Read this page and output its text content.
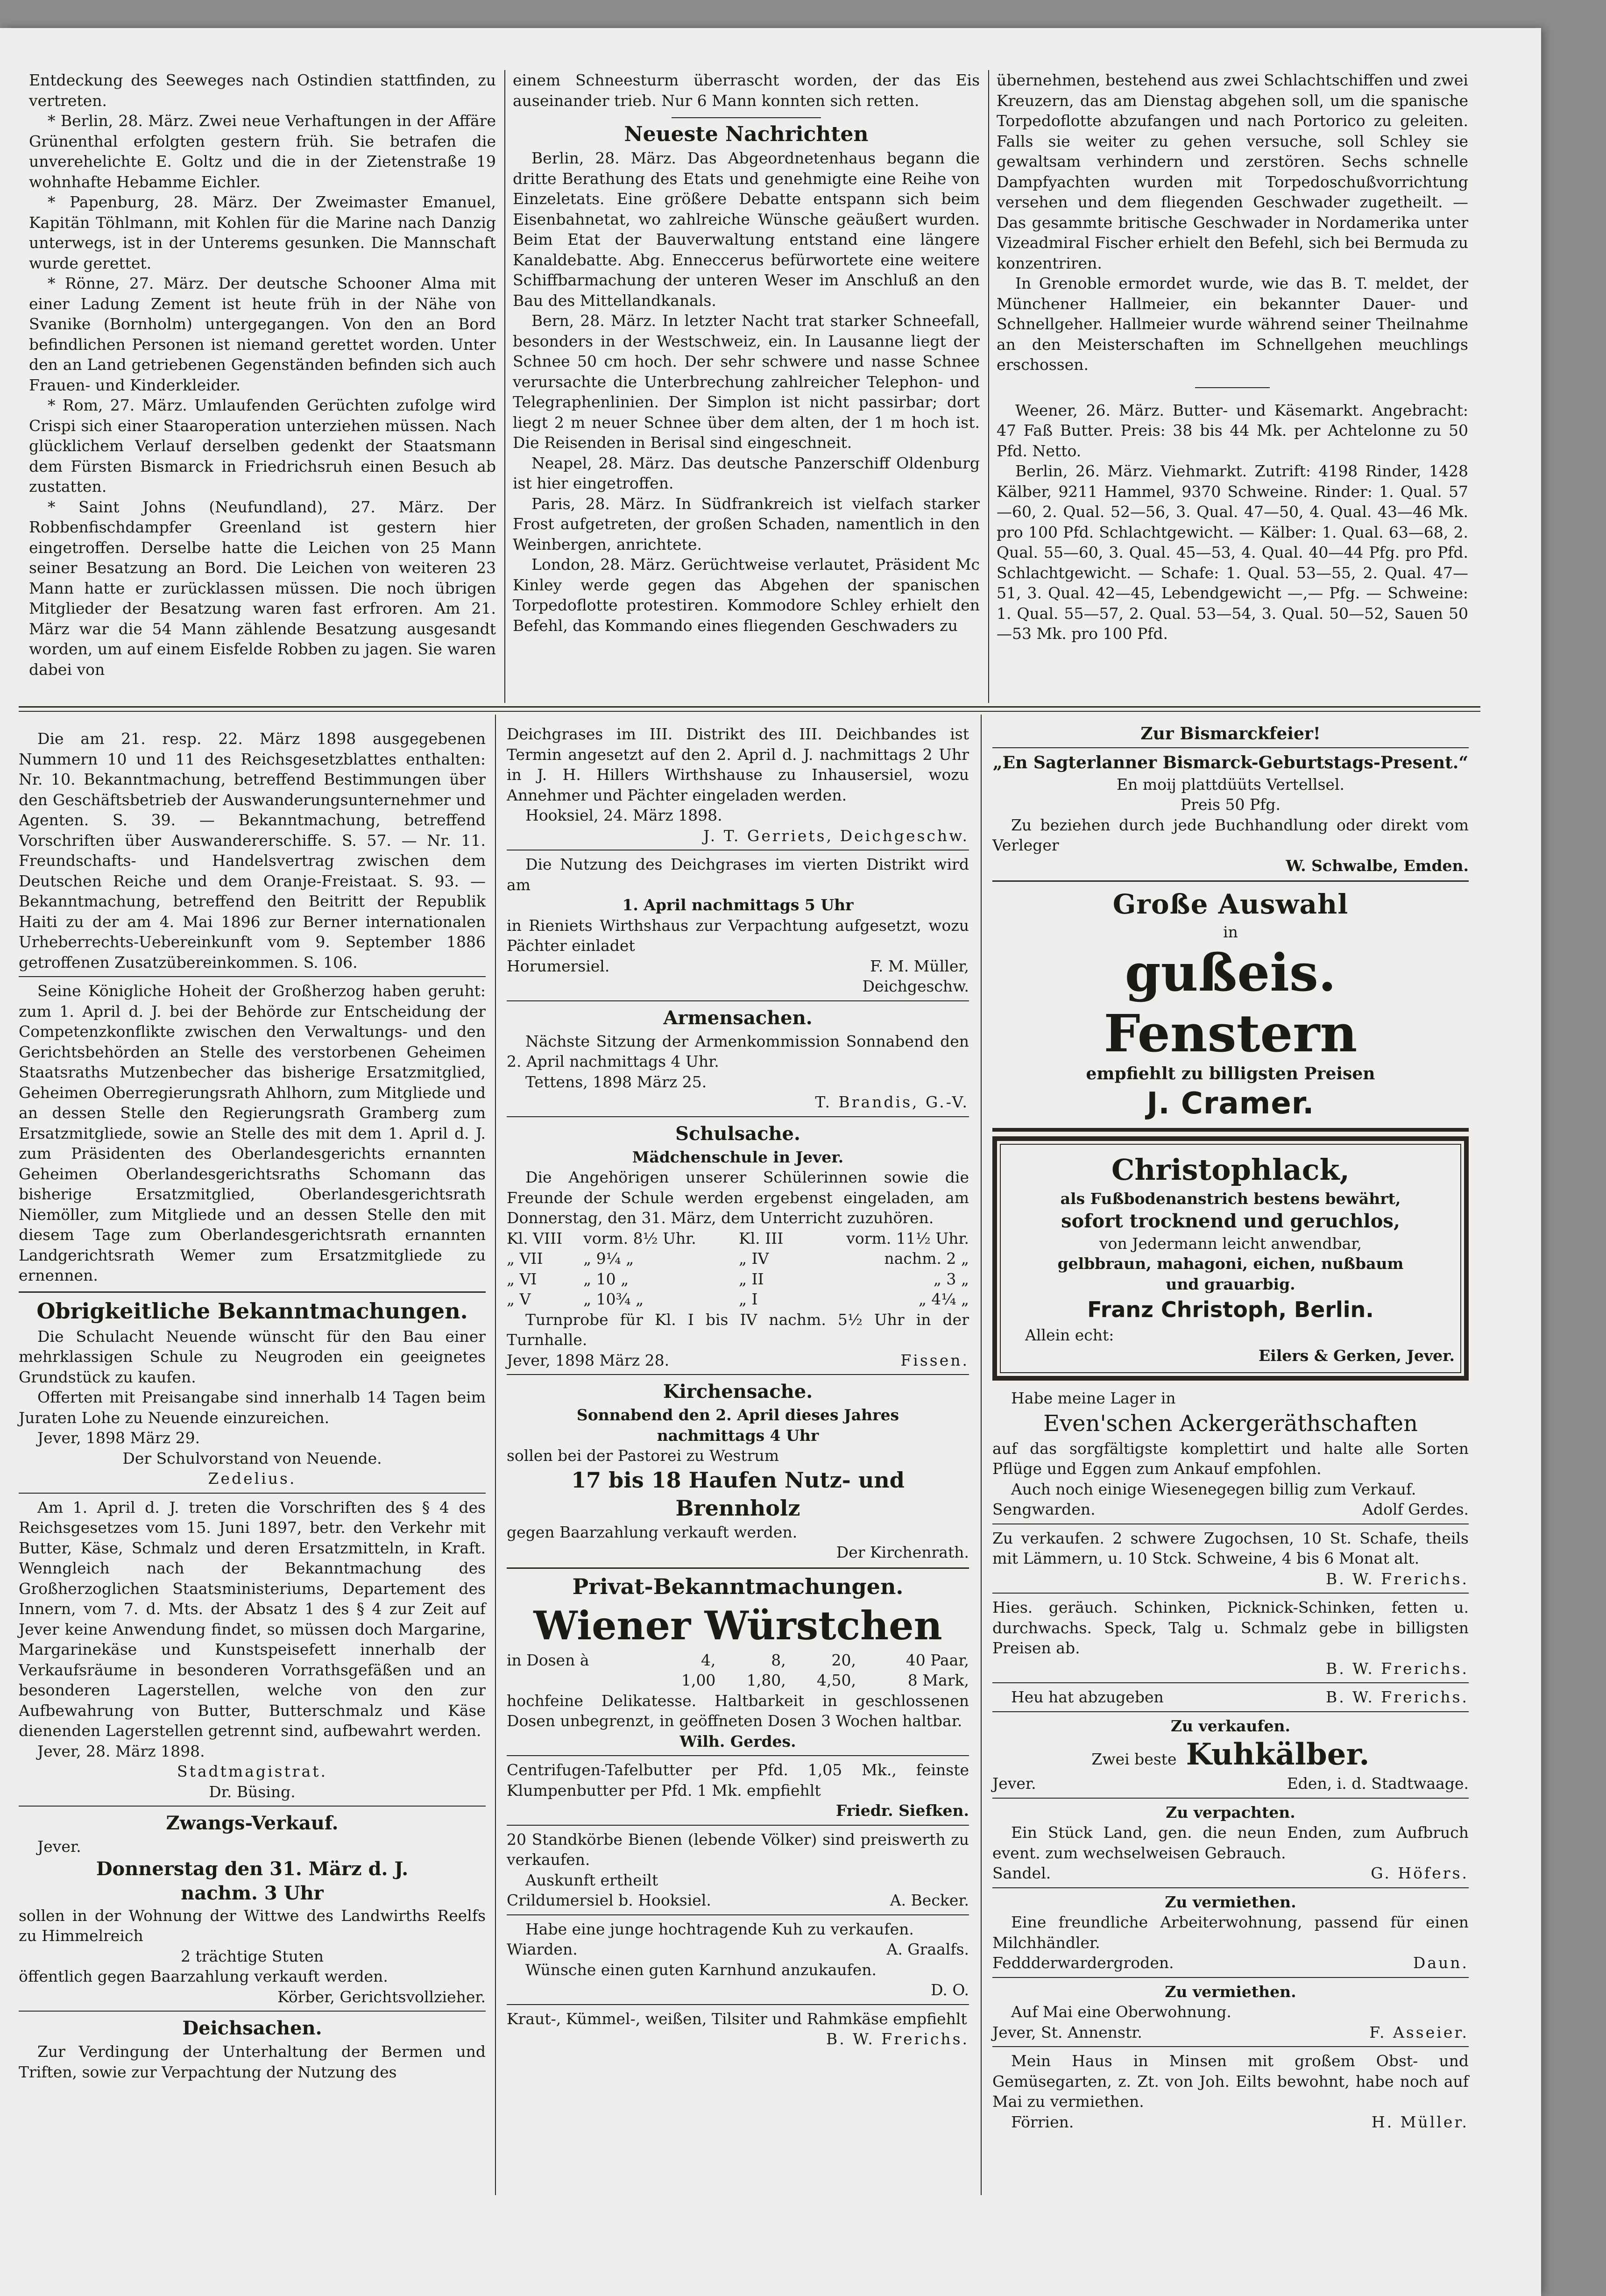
Entdeckung des Seeweges nach Ostindien stattfinden, zu vertreten.

* Berlin, 28. März. Zwei neue Verhaftungen in der Affäre Grünenthal erfolgten gestern früh. Sie betrafen die unverehelichte E. Goltz und die in der Zietenstraße 19 wohnhafte Hebamme Eichler.

* Papenburg, 28. März. Der Zweimaster Emanuel, Kapitän Töhlmann, mit Kohlen für die Marine nach Danzig unterwegs, ist in der Unterems gesunken. Die Mannschaft wurde gerettet.

* Rönne, 27. März. Der deutsche Schooner Alma mit einer Ladung Zement ist heute früh in der Nähe von Svanike (Bornholm) untergegangen. Von den an Bord befindlichen Personen ist niemand gerettet worden. Unter den an Land getriebenen Gegenständen befinden sich auch Frauen- und Kinderkleider.

* Rom, 27. März. Umlaufenden Gerüchten zufolge wird Crispi sich einer Staaroperation unterziehen müssen. Nach glücklichem Verlauf derselben gedenkt der Staatsmann dem Fürsten Bismarck in Friedrichsruh einen Besuch ab zustatten.

* Saint Johns (Neufundland), 27. März. Der Robbenfischdampfer Greenland ist gestern hier eingetroffen. Derselbe hatte die Leichen von 25 Mann seiner Besatzung an Bord. Die Leichen von weiteren 23 Mann hatte er zurücklassen müssen. Die noch übrigen Mitglieder der Besatzung waren fast erfroren. Am 21. März war die 54 Mann zählende Besatzung ausgesandt worden, um auf einem Eisfelde Robben zu jagen. Sie waren dabei von

einem Schneesturm überrascht worden, der das Eis auseinander trieb. Nur 6 Mann konnten sich retten.

Neueste Nachrichten

Berlin, 28. März. Das Abgeordnetenhaus begann die dritte Berathung des Etats und genehmigte eine Reihe von Einzeletats. Eine größere Debatte entspann sich beim Eisenbahnetat, wo zahlreiche Wünsche geäußert wurden. Beim Etat der Bauverwaltung entstand eine längere Kanaldebatte. Abg. Enneccerus befürwortete eine weitere Schiffbarmachung der unteren Weser im Anschluß an den Bau des Mittellandkanals.

Bern, 28. März. In letzter Nacht trat starker Schneefall, besonders in der Westschweiz, ein. In Lausanne liegt der Schnee 50 cm hoch. Der sehr schwere und nasse Schnee verursachte die Unterbrechung zahlreicher Telephon- und Telegraphenlinien. Der Simplon ist nicht passirbar; dort liegt 2 m neuer Schnee über dem alten, der 1 m hoch ist. Die Reisenden in Berisal sind eingeschneit.

Neapel, 28. März. Das deutsche Panzerschiff Oldenburg ist hier eingetroffen.

Paris, 28. März. In Südfrankreich ist vielfach starker Frost aufgetreten, der großen Schaden, namentlich in den Weinbergen, anrichtete.

London, 28. März. Gerüchtweise verlautet, Präsident Mc Kinley werde gegen das Abgehen der spanischen Torpedoflotte protestiren. Kommodore Schley erhielt den Befehl, das Kommando eines fliegenden Geschwaders zu

übernehmen, bestehend aus zwei Schlachtschiffen und zwei Kreuzern, das am Dienstag abgehen soll, um die spanische Torpedoflotte abzufangen und nach Portorico zu geleiten. Falls sie weiter zu gehen versuche, soll Schley sie gewaltsam verhindern und zerstören. Sechs schnelle Dampfyachten wurden mit Torpedoschußvorrichtung versehen und dem fliegenden Geschwader zugetheilt. — Das gesammte britische Geschwader in Nordamerika unter Vizeadmiral Fischer erhielt den Befehl, sich bei Bermuda zu konzentriren.

In Grenoble ermordet wurde, wie das B. T. meldet, der Münchener Hallmeier, ein bekannter Dauer- und Schnellgeher. Hallmeier wurde während seiner Theilnahme an den Meisterschaften im Schnellgehen meuchlings erschossen.

Weener, 26. März. Butter- und Käsemarkt. Angebracht: 47 Faß Butter. Preis: 38 bis 44 Mk. per Achtelonne zu 50 Pfd. Netto.

Berlin, 26. März. Viehmarkt. Zutrift: 4198 Rinder, 1428 Kälber, 9211 Hammel, 9370 Schweine. Rinder: 1. Qual. 57—60, 2. Qual. 52—56, 3. Qual. 47—50, 4. Qual. 43—46 Mk. pro 100 Pfd. Schlachtgewicht. — Kälber: 1. Qual. 63—68, 2. Qual. 55—60, 3. Qual. 45—53, 4. Qual. 40—44 Pfg. pro Pfd. Schlachtgewicht. — Schafe: 1. Qual. 53—55, 2. Qual. 47—51, 3. Qual. 42—45, Lebendgewicht —,— Pfg. — Schweine: 1. Qual. 55—57, 2. Qual. 53—54, 3. Qual. 50—52, Sauen 50—53 Mk. pro 100 Pfd.

Die am 21. resp. 22. März 1898 ausgegebenen Nummern 10 und 11 des Reichsgesetzblattes enthalten: Nr. 10. Bekanntmachung, betreffend Bestimmungen über den Geschäftsbetrieb der Auswanderungsunternehmer und Agenten. S. 39. — Bekanntmachung, betreffend Vorschriften über Auswandererschiffe. S. 57. — Nr. 11. Freundschafts- und Handelsvertrag zwischen dem Deutschen Reiche und dem Oranje-Freistaat. S. 93. — Bekanntmachung, betreffend den Beitritt der Republik Haiti zu der am 4. Mai 1896 zur Berner internationalen Urheberrechts-Uebereinkunft vom 9. September 1886 getroffenen Zusatzübereinkommen. S. 106.

Seine Königliche Hoheit der Großherzog haben geruht: zum 1. April d. J. bei der Behörde zur Entscheidung der Competenzkonflikte zwischen den Verwaltungs- und den Gerichtsbehörden an Stelle des verstorbenen Geheimen Staatsraths Mutzenbecher das bisherige Ersatzmitglied, Geheimen Oberregierungsrath Ahlhorn, zum Mitgliede und an dessen Stelle den Regierungsrath Gramberg zum Ersatzmitgliede, sowie an Stelle des mit dem 1. April d. J. zum Präsidenten des Oberlandesgerichts ernannten Geheimen Oberlandesgerichtsraths Schomann das bisherige Ersatzmitglied, Oberlandesgerichtsrath Niemöller, zum Mitgliede und an dessen Stelle den mit diesem Tage zum Oberlandesgerichtsrath ernannten Landgerichtsrath Wemer zum Ersatzmitgliede zu ernennen.

Obrigkeitliche Bekanntmachungen.

Die Schulacht Neuende wünscht für den Bau einer mehrklassigen Schule zu Neugroden ein geeignetes Grundstück zu kaufen.

Offerten mit Preisangabe sind innerhalb 14 Tagen beim Juraten Lohe zu Neuende einzureichen.

Jever, 1898 März 29.

Der Schulvorstand von Neuende.

Zedelius.

Am 1. April d. J. treten die Vorschriften des § 4 des Reichsgesetzes vom 15. Juni 1897, betr. den Verkehr mit Butter, Käse, Schmalz und deren Ersatzmitteln, in Kraft. Wenngleich nach der Bekanntmachung des Großherzoglichen Staatsministeriums, Departement des Innern, vom 7. d. Mts. der Absatz 1 des § 4 zur Zeit auf Jever keine Anwendung findet, so müssen doch Margarine, Margarinekäse und Kunstspeisefett innerhalb der Verkaufsräume in besonderen Vorrathsgefäßen und an besonderen Lagerstellen, welche von den zur Aufbewahrung von Butter, Butterschmalz und Käse dienenden Lagerstellen getrennt sind, aufbewahrt werden.

Jever, 28. März 1898.

Stadtmagistrat.

Dr. Büsing.

Zwangs-Verkauf.

Jever.

Donnerstag den 31. März d. J.

nachm. 3 Uhr

sollen in der Wohnung der Wittwe des Landwirths Reelfs zu Himmelreich

2 trächtige Stuten

öffentlich gegen Baarzahlung verkauft werden.

Körber, Gerichtsvollzieher.

Deichsachen.

Zur Verdingung der Unterhaltung der Bermen und Triften, sowie zur Verpachtung der Nutzung des

Deichgrases im III. Distrikt des III. Deichbandes ist Termin angesetzt auf den 2. April d. J. nachmittags 2 Uhr in J. H. Hillers Wirthshause zu Inhausersiel, wozu Annehmer und Pächter eingeladen werden.

Hooksiel, 24. März 1898.

J. T. Gerriets, Deichgeschw.

Die Nutzung des Deichgrases im vierten Distrikt wird am

1. April nachmittags 5 Uhr

in Rieniets Wirthshaus zur Verpachtung aufgesetzt, wozu Pächter einladet

Horumersiel.	F. M. Müller,

Deichgeschw.

Armensachen.

Nächste Sitzung der Armenkommission Sonnabend den 2. April nachmittags 4 Uhr.

Tettens, 1898 März 25.

T. Brandis, G.-V.

Schulsache.

Mädchenschule in Jever.

Die Angehörigen unserer Schülerinnen sowie die Freunde der Schule werden ergebenst eingeladen, am Donnerstag, den 31. März, dem Unterricht zuzuhören.

Kl. VIII	vorm. 8½ Uhr.	Kl. III	vorm. 11½ Uhr.
„ VII	„ 9¼ „	„ IV	nachm. 2 „
„ VI	„ 10 „	„ II	„ 3 „
„ V	„ 10¾ „	„ I	„ 4¼ „

Turnprobe für Kl. I bis IV nachm. 5½ Uhr in der Turnhalle.

Jever, 1898 März 28.	Fissen.
Kirchensache.

Sonnabend den 2. April dieses Jahres

nachmittags 4 Uhr

sollen bei der Pastorei zu Westrum

17 bis 18 Haufen Nutz- und Brennholz

gegen Baarzahlung verkauft werden.

Der Kirchenrath.

Privat-Bekanntmachungen.
Wiener Würstchen
in Dosen à	4,	8,	20,	40 Paar,
	1,00	1,80,	4,50,	8 Mark,

hochfeine Delikatesse. Haltbarkeit in geschlossenen Dosen unbegrenzt, in geöffneten Dosen 3 Wochen haltbar.

Wilh. Gerdes.

Centrifugen-Tafelbutter per Pfd. 1,05 Mk., feinste Klumpenbutter per Pfd. 1 Mk. empfiehlt

Friedr. Siefken.

20 Standkörbe Bienen (lebende Völker) sind preiswerth zu verkaufen.

Auskunft ertheilt

Crildumersiel b. Hooksiel.	A. Becker.

Habe eine junge hochtragende Kuh zu verkaufen.

Wiarden.	A. Graalfs.

Wünsche einen guten Karnhund anzukaufen.

D. O.

Kraut-, Kümmel-, weißen, Tilsiter und Rahmkäse empfiehlt

B. W. Frerichs.

Zur Bismarckfeier!
„En Sagterlanner Bismarck-Geburtstags-Present.“

En moij plattdüüts Vertellsel.

Preis 50 Pfg.

Zu beziehen durch jede Buchhandlung oder direkt vom Verleger

W. Schwalbe, Emden.

Große Auswahl

in

gußeis. Fenstern

empfiehlt zu billigsten Preisen

J. Cramer.
Christophlack,

als Fußbodenanstrich bestens bewährt,

sofort trocknend und geruchlos,

von Jedermann leicht anwendbar,

gelbbraun, mahagoni, eichen, nußbaum

und grauarbig.

Franz Christoph, Berlin.

Allein echt:

Eilers & Gerken, Jever.

Habe meine Lager in

Even'schen Ackergeräthschaften

auf das sorgfältigste komplettirt und halte alle Sorten Pflüge und Eggen zum Ankauf empfohlen.

Auch noch einige Wiesenegegen billig zum Verkauf.

Sengwarden.	Adolf Gerdes.

Zu verkaufen. 2 schwere Zugochsen, 10 St. Schafe, theils mit Lämmern, u. 10 Stck. Schweine, 4 bis 6 Monat alt.

B. W. Frerichs.

Hies. geräuch. Schinken, Picknick-Schinken, fetten u. durchwachs. Speck, Talg u. Schmalz gebe in billigsten Preisen ab.

B. W. Frerichs.

Heu hat abzugeben	B. W. Frerichs.

Zu verkaufen.

Zwei beste Kuhkälber.
Jever.	Eden, i. d. Stadtwaage.

Zu verpachten.

Ein Stück Land, gen. die neun Enden, zum Aufbruch event. zum wechselweisen Gebrauch.

Sandel.	G. Höfers.

Zu vermiethen.

Eine freundliche Arbeiterwohnung, passend für einen Milchhändler.

Feddderwardergroden.	Daun.

Zu vermiethen.

Auf Mai eine Oberwohnung.

Jever, St. Annenstr.	F. Asseier.

Mein Haus in Minsen mit großem Obst- und Gemüsegarten, z. Zt. von Joh. Eilts bewohnt, habe noch auf Mai zu vermiethen.

Förrien.	H. Müller.
